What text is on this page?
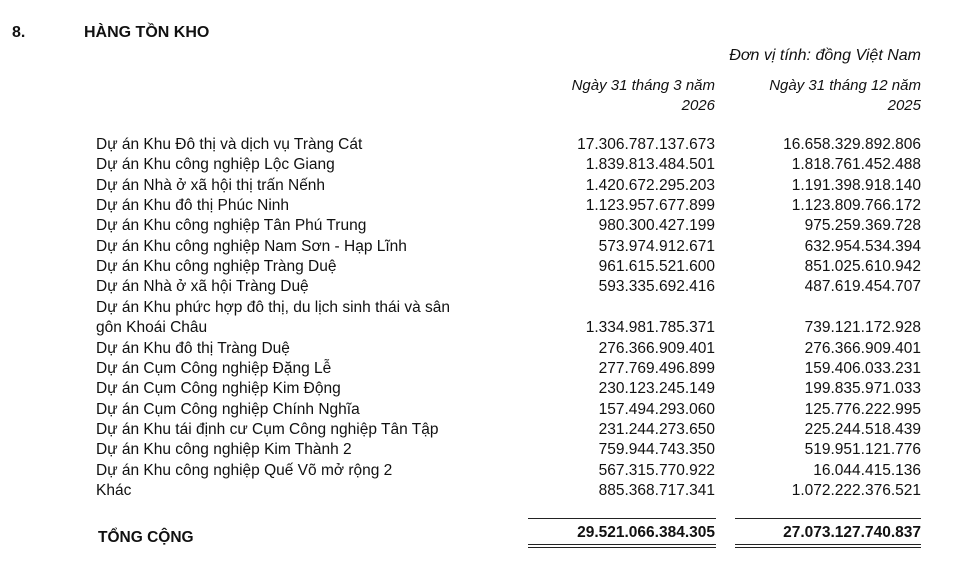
8.	HÀNG TỒN KHO
Đơn vị tính: đồng Việt Nam
Ngày 31 tháng 3 năm
2026
Ngày 31 tháng 12 năm
2025
Dự án Khu Đô thị và dịch vụ Tràng Cát	17.306.787.137.673	16.658.329.892.806
Dự án Khu công nghiệp Lộc Giang	1.839.813.484.501	1.818.761.452.488
Dự án Nhà ở xã hội thị trấn Nếnh	1.420.672.295.203	1.191.398.918.140
Dự án Khu đô thị Phúc Ninh	1.123.957.677.899	1.123.809.766.172
Dự án Khu công nghiệp Tân Phú Trung	980.300.427.199	975.259.369.728
Dự án Khu công nghiệp Nam Sơn - Hạp Lĩnh	573.974.912.671	632.954.534.394
Dự án Khu công nghiệp Tràng Duệ	961.615.521.600	851.025.610.942
Dự án Nhà ở xã hội Tràng Duệ	593.335.692.416	487.619.454.707
Dự án Khu phức hợp đô thị, du lịch sinh thái và sân
gôn Khoái Châu	1.334.981.785.371	739.121.172.928
Dự án Khu đô thị Tràng Duệ	276.366.909.401	276.366.909.401
Dự án Cụm Công nghiệp Đặng Lễ	277.769.496.899	159.406.033.231
Dự án Cụm Công nghiệp Kim Động	230.123.245.149	199.835.971.033
Dự án Cụm Công nghiệp Chính Nghĩa	157.494.293.060	125.776.222.995
Dự án Khu tái định cư Cụm Công nghiệp Tân Tập	231.244.273.650	225.244.518.439
Dự án Khu công nghiệp Kim Thành 2	759.944.743.350	519.951.121.776
Dự án Khu công nghiệp Quế Võ mở rộng 2	567.315.770.922	16.044.415.136
Khác	885.368.717.341	1.072.222.376.521
TỔNG CỘNG	29.521.066.384.305	27.073.127.740.837
